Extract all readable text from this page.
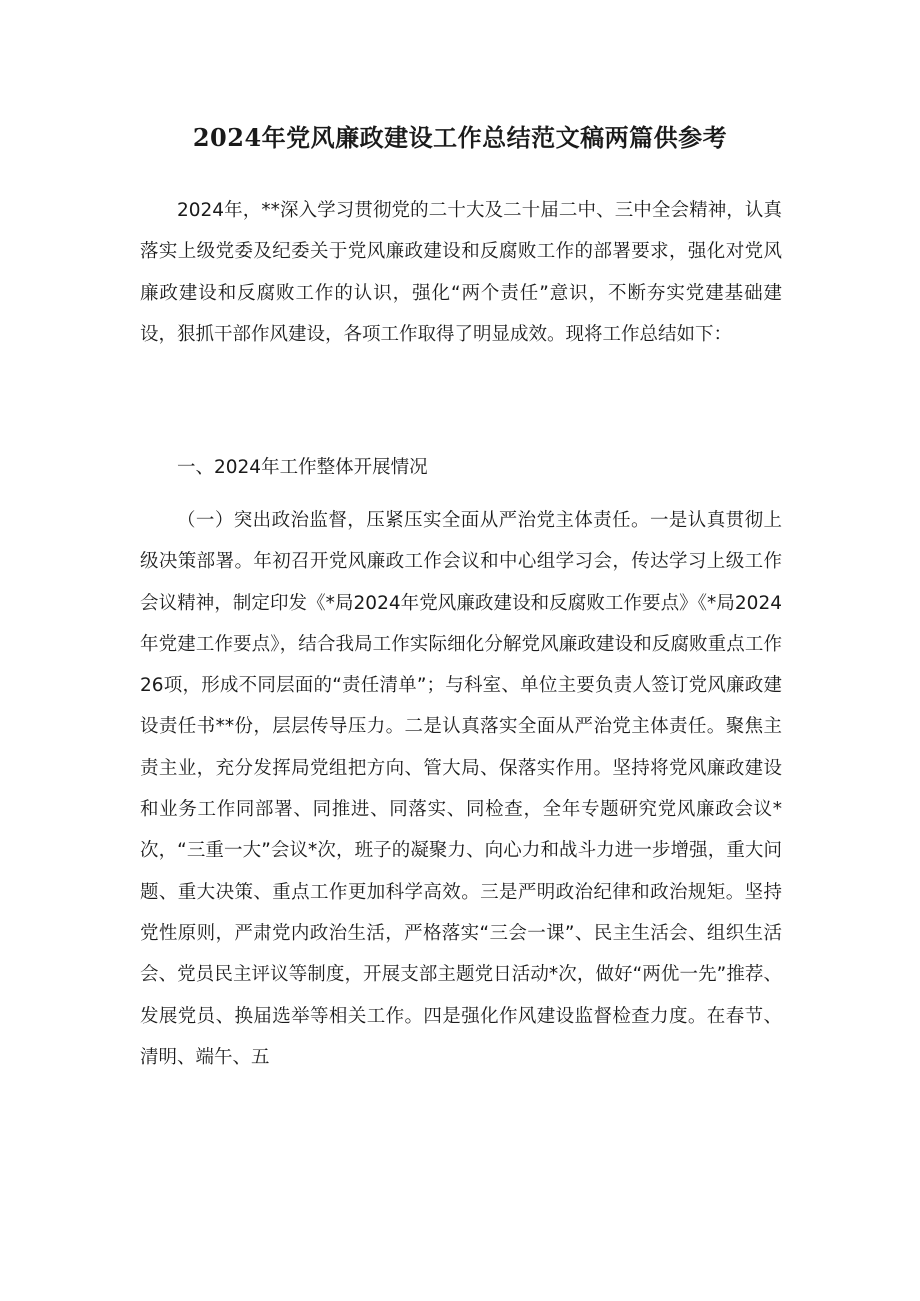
2024年党风廉政建设工作总结范文稿两篇供参考

2024年，**深入学习贯彻党的二十大及二十届二中、三中全会精神，认真落实上级党委及纪委关于党风廉政建设和反腐败工作的部署要求，强化对党风廉政建设和反腐败工作的认识，强化“两个责任”意识，不断夯实党建基础建设，狠抓干部作风建设，各项工作取得了明显成效。现将工作总结如下：

一、2024年工作整体开展情况

（一）突出政治监督，压紧压实全面从严治党主体责任。一是认真贯彻上级决策部署。年初召开党风廉政工作会议和中心组学习会，传达学习上级工作会议精神，制定印发《*局2024年党风廉政建设和反腐败工作要点》《*局2024年党建工作要点》，结合我局工作实际细化分解党风廉政建设和反腐败重点工作26项，形成不同层面的“责任清单”；与科室、单位主要负责人签订党风廉政建设责任书**份，层层传导压力。二是认真落实全面从严治党主体责任。聚焦主责主业，充分发挥局党组把方向、管大局、保落实作用。坚持将党风廉政建设和业务工作同部署、同推进、同落实、同检查，全年专题研究党风廉政会议*次，“三重一大”会议*次，班子的凝聚力、向心力和战斗力进一步增强，重大问题、重大决策、重点工作更加科学高效。三是严明政治纪律和政治规矩。坚持党性原则，严肃党内政治生活，严格落实“三会一课”、民主生活会、组织生活会、党员民主评议等制度，开展支部主题党日活动*次，做好“两优一先”推荐、发展党员、换届选举等相关工作。四是强化作风建设监督检查力度。在春节、清明、端午、五
